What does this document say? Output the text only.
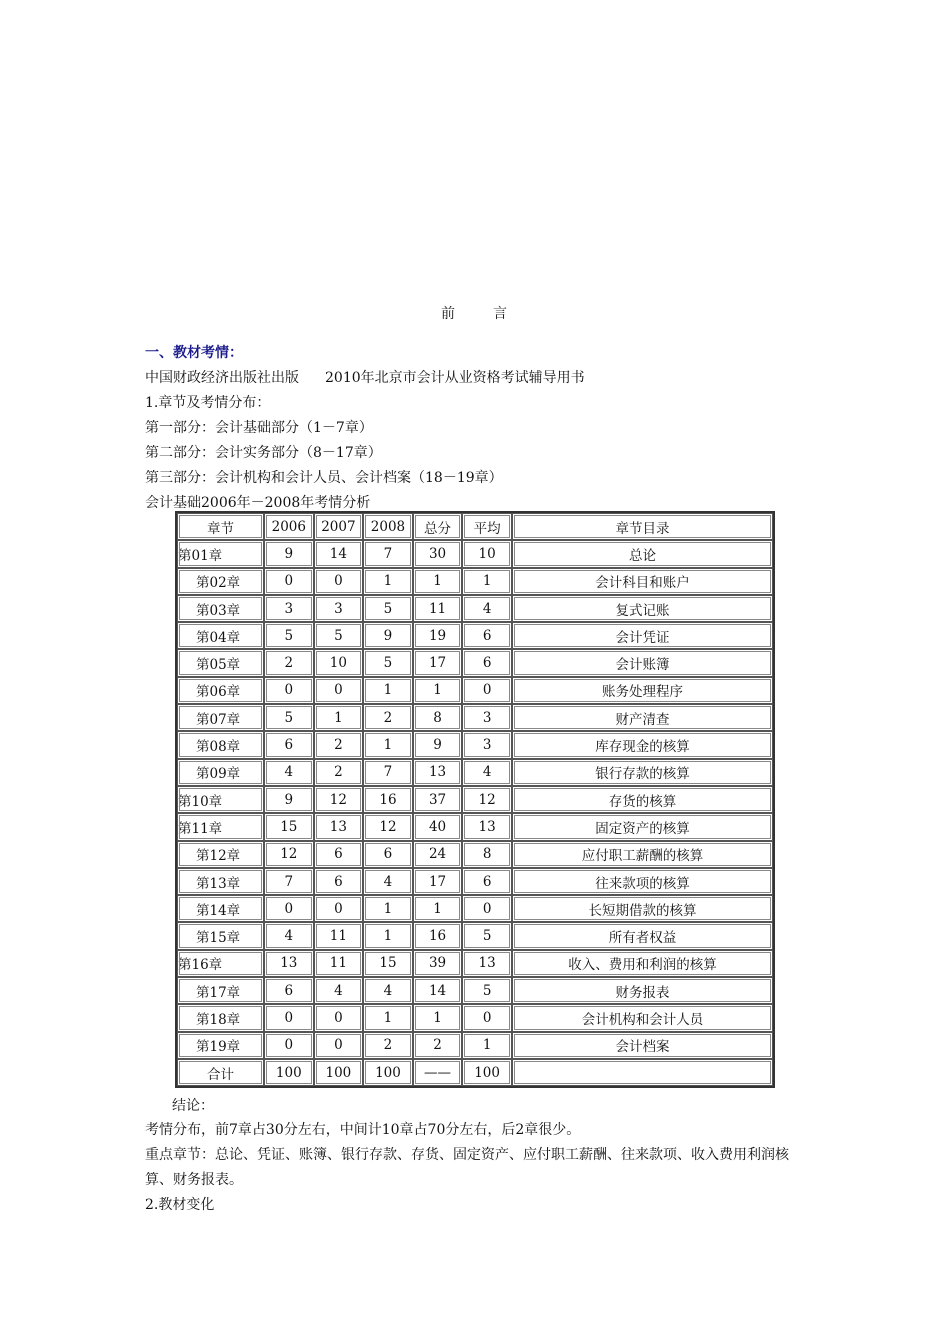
前	言
一、教材考情：
中国财政经济出版社出版 2010年北京市会计从业资格考试辅导用书
1.章节及考情分布：
第一部分：会计基础部分（1－7章）
第二部分：会计实务部分（8－17章）
第三部分：会计机构和会计人员、会计档案（18－19章）
会计基础2006年－2008年考情分析
章节	2006	2007	2008	总分	平均	章节目录
第01章	9	14	7	30	10	总论
第02章	0	0	1	1	1	会计科目和账户
第03章	3	3	5	11	4	复式记账
第04章	5	5	9	19	6	会计凭证
第05章	2	10	5	17	6	会计账簿
第06章	0	0	1	1	0	账务处理程序
第07章	5	1	2	8	3	财产清查
第08章	6	2	1	9	3	库存现金的核算
第09章	4	2	7	13	4	银行存款的核算
第10章	9	12	16	37	12	存货的核算
第11章	15	13	12	40	13	固定资产的核算
第12章	12	6	6	24	8	应付职工薪酬的核算
第13章	7	6	4	17	6	往来款项的核算
第14章	0	0	1	1	0	长短期借款的核算
第15章	4	11	1	16	5	所有者权益
第16章	13	11	15	39	13	收入、费用和利润的核算
第17章	6	4	4	14	5	财务报表
第18章	0	0	1	1	0	会计机构和会计人员
第19章	0	0	2	2	1	会计档案
合计	100	100	100	——	100	
结论：
考情分布，前7章占30分左右，中间计10章占70分左右，后2章很少。
重点章节：总论、凭证、账簿、银行存款、存货、固定资产、应付职工薪酬、往来款项、收入费用利润核
算、财务报表。
2.教材变化
